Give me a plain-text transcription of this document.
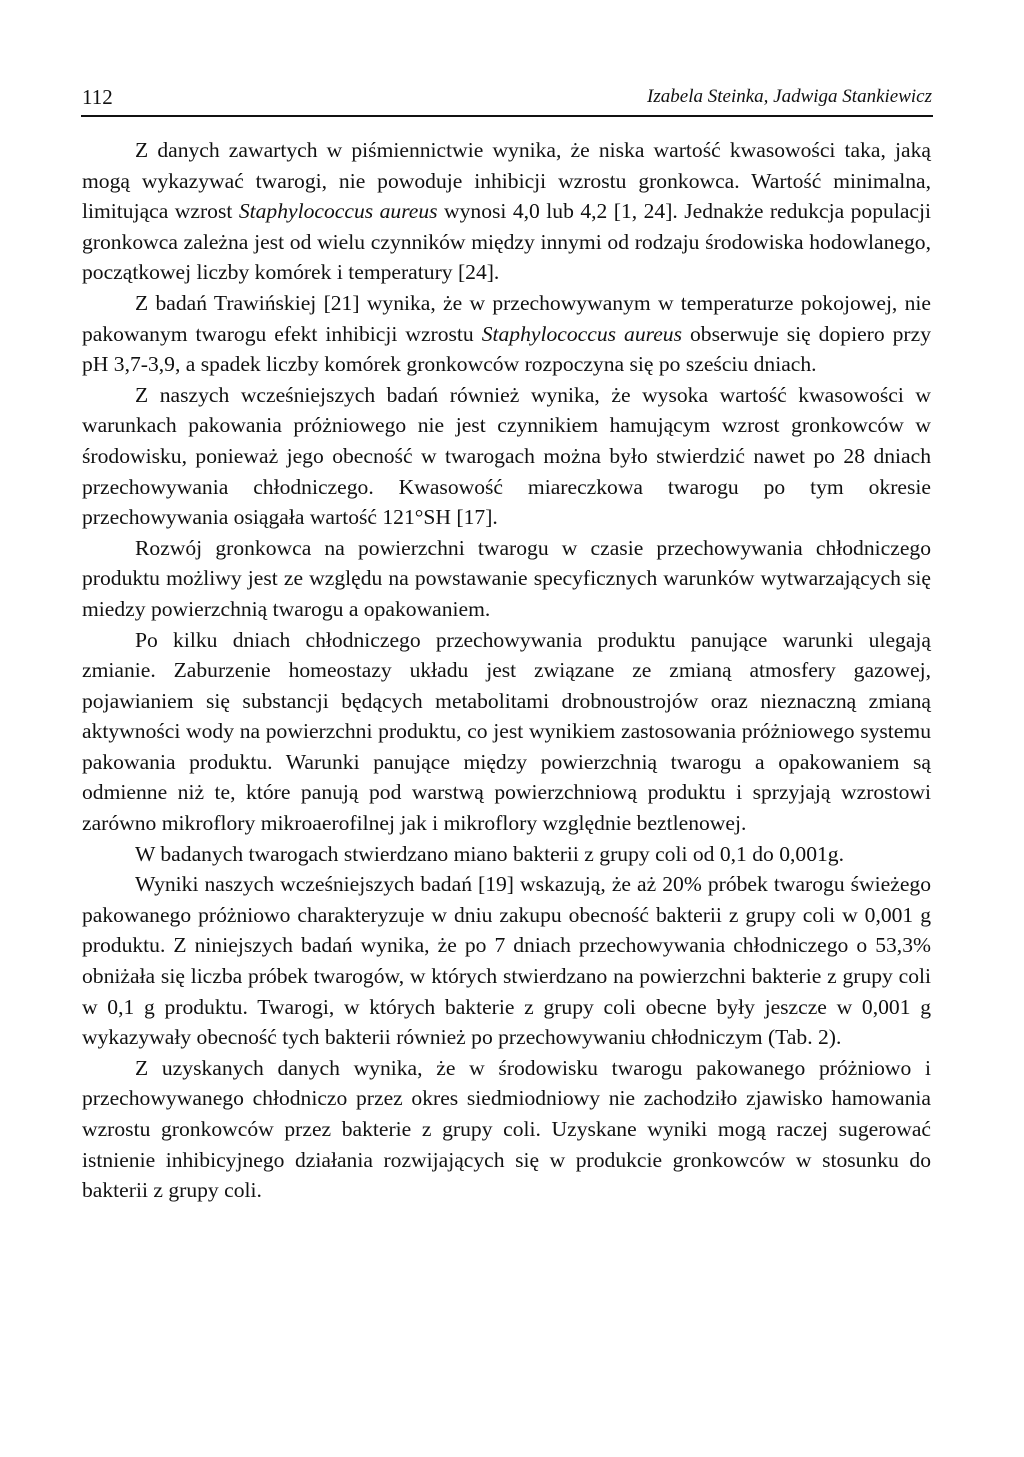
112	Izabela Steinka, Jadwiga Stankiewicz

Z danych zawartych w piśmiennictwie wynika, że niska wartość kwasowości taka, jaką mogą wykazywać twarogi, nie powoduje inhibicji wzrostu gronkowca. Wartość minimalna, limitująca wzrost Staphylococcus aureus wynosi 4,0 lub 4,2 [1, 24]. Jednakże redukcja populacji gronkowca zależna jest od wielu czynników między innymi od rodzaju środowiska hodowlanego, początkowej liczby komórek i temperatury [24].

Z badań Trawińskiej [21] wynika, że w przechowywanym w temperaturze pokojowej, nie pakowanym twarogu efekt inhibicji wzrostu Staphylococcus aureus obserwuje się dopiero przy pH 3,7-3,9, a spadek liczby komórek gronkowców rozpoczyna się po sześciu dniach.

Z naszych wcześniejszych badań również wynika, że wysoka wartość kwasowości w warunkach pakowania próżniowego nie jest czynnikiem hamującym wzrost gronkowców w środowisku, ponieważ jego obecność w twarogach można było stwierdzić nawet po 28 dniach przechowywania chłodniczego. Kwasowość miareczkowa twarogu po tym okresie przechowywania osiągała wartość 121°SH [17].

Rozwój gronkowca na powierzchni twarogu w czasie przechowywania chłodniczego produktu możliwy jest ze względu na powstawanie specyficznych warunków wytwarzających się miedzy powierzchnią twarogu a opakowaniem.

Po kilku dniach chłodniczego przechowywania produktu panujące warunki ulegają zmianie. Zaburzenie homeostazy układu jest związane ze zmianą atmosfery gazowej, pojawianiem się substancji będących metabolitami drobnoustrojów oraz nieznaczną zmianą aktywności wody na powierzchni produktu, co jest wynikiem zastosowania próżniowego systemu pakowania produktu. Warunki panujące między powierzchnią twarogu a opakowaniem są odmienne niż te, które panują pod warstwą powierzchniową produktu i sprzyjają wzrostowi zarówno mikroflory mikroaerofilnej jak i mikroflory względnie beztlenowej.

W badanych twarogach stwierdzano miano bakterii z grupy coli od 0,1 do 0,001g.

Wyniki naszych wcześniejszych badań [19] wskazują, że aż 20% próbek twarogu świeżego pakowanego próżniowo charakteryzuje w dniu zakupu obecność bakterii z grupy coli w 0,001 g produktu. Z niniejszych badań wynika, że po 7 dniach przechowywania chłodniczego o 53,3% obniżała się liczba próbek twarogów, w których stwierdzano na powierzchni bakterie z grupy coli w 0,1 g produktu. Twarogi, w których bakterie z grupy coli obecne były jeszcze w 0,001 g wykazywały obecność tych bakterii również po przechowywaniu chłodniczym (Tab. 2).

Z uzyskanych danych wynika, że w środowisku twarogu pakowanego próżniowo i przechowywanego chłodniczo przez okres siedmiodniowy nie zachodziło zjawisko hamowania wzrostu gronkowców przez bakterie z grupy coli. Uzyskane wyniki mogą raczej sugerować istnienie inhibicyjnego działania rozwijających się w produkcie gronkowców w stosunku do bakterii z grupy coli.
